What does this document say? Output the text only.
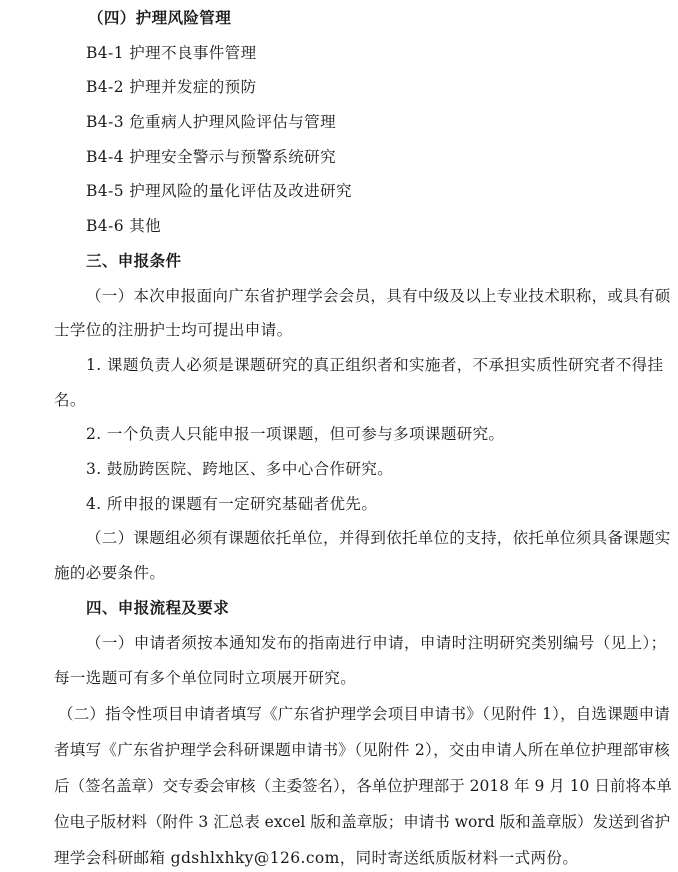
（四）护理风险管理
B4-1 护理不良事件管理
B4-2 护理并发症的预防
B4-3 危重病人护理风险评估与管理
B4-4 护理安全警示与预警系统研究
B4-5 护理风险的量化评估及改进研究
B4-6 其他
三、申报条件
（一）本次申报面向广东省护理学会会员，具有中级及以上专业技术职称，或具有硕
士学位的注册护士均可提出申请。
1. 课题负责人必须是课题研究的真正组织者和实施者，不承担实质性研究者不得挂
名。
2. 一个负责人只能申报一项课题，但可参与多项课题研究。
3. 鼓励跨医院、跨地区、多中心合作研究。
4. 所申报的课题有一定研究基础者优先。
（二）课题组必须有课题依托单位，并得到依托单位的支持，依托单位须具备课题实
施的必要条件。
四、申报流程及要求
（一）申请者须按本通知发布的指南进行申请，申请时注明研究类别编号（见上）；
每一选题可有多个单位同时立项展开研究。
（二）指令性项目申请者填写《广东省护理学会项目申请书》（见附件 1），自选课题申请
者填写《广东省护理学会科研课题申请书》（见附件 2），交由申请人所在单位护理部审核
后（签名盖章）交专委会审核（主委签名），各单位护理部于 2018 年 9 月 10 日前将本单
位电子版材料（附件 3 汇总表 excel 版和盖章版；申请书 word 版和盖章版）发送到省护
理学会科研邮箱 gdshlxhky@126.com，同时寄送纸质版材料一式两份。
